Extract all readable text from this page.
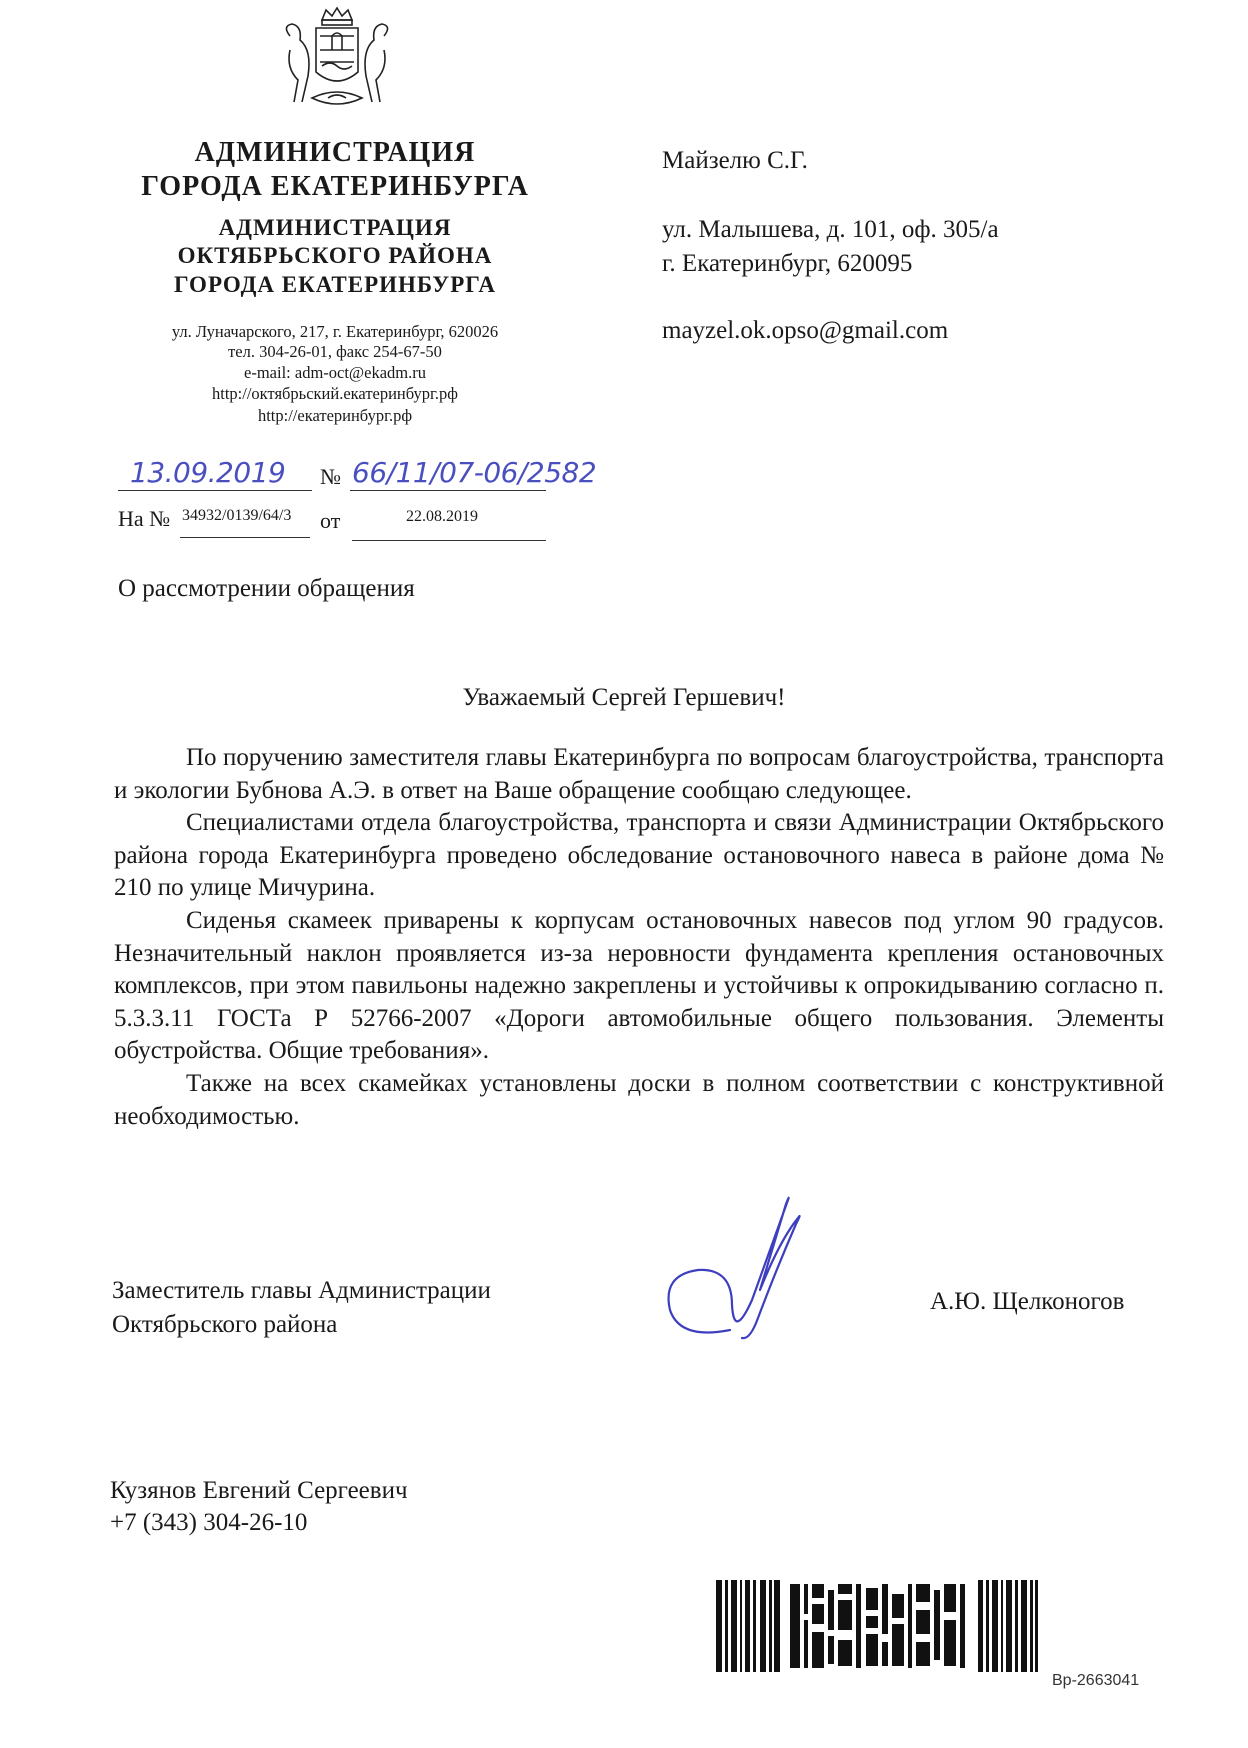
АДМИНИСТРАЦИЯ
ГОРОДА ЕКАТЕРИНБУРГА
АДМИНИСТРАЦИЯ
ОКТЯБРЬСКОГО РАЙОНА
ГОРОДА ЕКАТЕРИНБУРГА
ул. Луначарского, 217, г. Екатеринбург, 620026
тел. 304-26-01, факс 254-67-50
e-mail: adm-oct@ekadm.ru
http://октябрьский.екатеринбург.рф
http://екатеринбург.рф
Майзелю С.Г.
ул. Малышева, д. 101, оф. 305/а
г. Екатеринбург, 620095
mayzel.ok.opso@gmail.com
13.09.2019 № 66/11/07-06/2582
На № 34932/0139/64/3 от	22.08.2019
О рассмотрении обращения
Уважаемый Сергей Гершевич!

По поручению заместителя главы Екатеринбурга по вопросам благоустройства, транспорта и экологии Бубнова А.Э. в ответ на Ваше обращение сообщаю следующее.

Специалистами отдела благоустройства, транспорта и связи Администрации Октябрьского района города Екатеринбурга проведено обследование остановочного навеса в районе дома № 210 по улице Мичурина.

Сиденья скамеек приварены к корпусам остановочных навесов под углом 90 градусов. Незначительный наклон проявляется из-за неровности фундамента крепления остановочных комплексов, при этом павильоны надежно закреплены и устойчивы к опрокидыванию согласно п. 5.3.3.11 ГОСТа Р 52766-2007 «Дороги автомобильные общего пользования. Элементы обустройства. Общие требования».

Также на всех скамейках установлены доски в полном соответствии с конструктивной необходимостью.

Заместитель главы Администрации
Октябрьского района
А.Ю. Щелконогов
Кузянов Евгений Сергеевич
+7 (343) 304-26-10
Вр-2663041
